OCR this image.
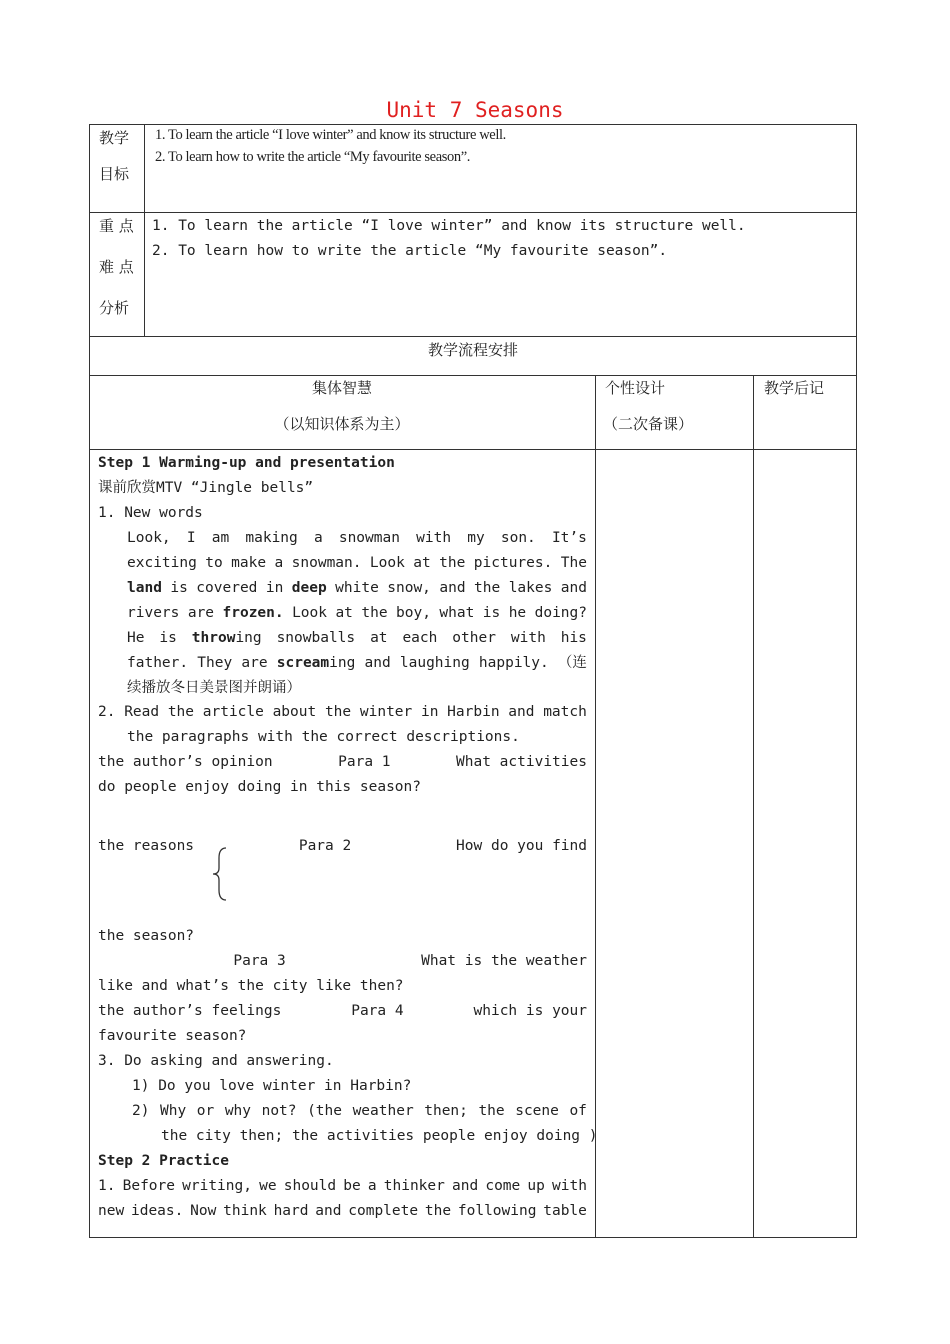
Unit 7 Seasons
教学
目标
1. To learn the article “I love winter” and know its structure well.
2. To learn how to write the article “My favourite season”.
重 点
难 点
分析
1. To learn the article “I love winter” and know its structure well.
2. To learn how to write the article “My favourite season”.
教学流程安排
集体智慧
（以知识体系为主）
个性设计
（二次备课）
教学后记
Step 1 Warming-up and presentation
课前欣赏MTV “Jingle bells”
1. New words
Look, I am making a snowman with my son. It’s
exciting to make a snowman. Look at the pictures. The
land is covered in deep white snow, and the lakes and
rivers are frozen. Look at the boy, what is he doing?
He is throwing snowballs at each other with his
father. They are screaming and laughing happily. （连
续播放冬日美景图并朗诵）
2. Read the article about the winter in Harbin and match
the paragraphs with the correct descriptions.
the author’s opinion	Para 1	What activities
do people enjoy doing in this season?
the reasons	Para 2	How do you find
the season?
Para 3	What is the weather
like and what’s the city like then?
the author’s feelings	Para 4	which is your
favourite season?
3. Do asking and answering.
1) Do you love winter in Harbin?
2) Why or why not? (the weather then; the scene of
the city then; the activities people enjoy doing )
Step 2 Practice
1. Before writing, we should be a thinker and come up with
new ideas. Now think hard and complete the following table
